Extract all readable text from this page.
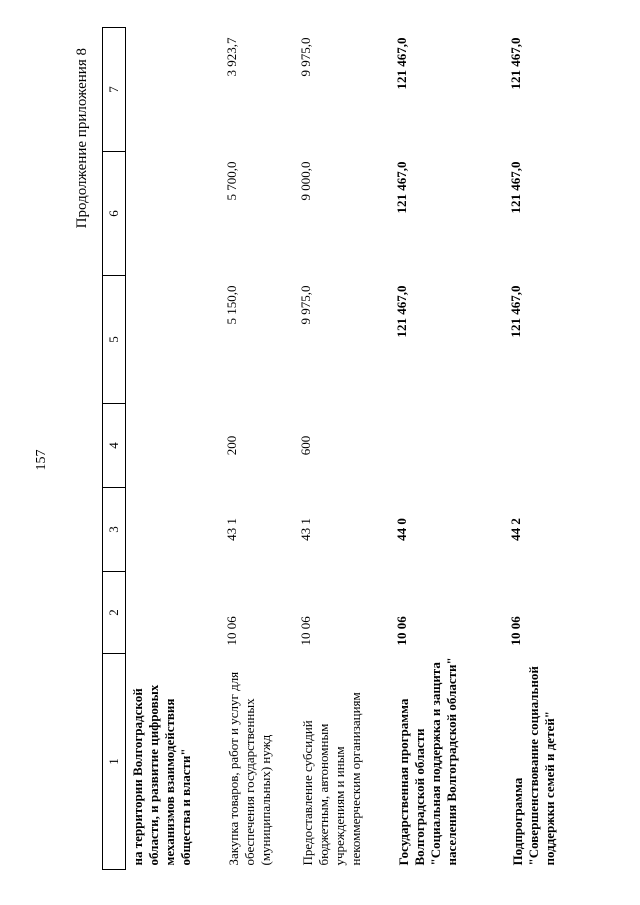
157
Продолжение приложения 8
1	2	3	4	5	6	7
на территории Волгоградской области, и развитие цифровых механизмов взаимодействия общества и власти"						
Закупка товаров, работ и услуг для обеспечения государственных (муниципальных) нужд	10 06	43 1	200	5 150,0	5 700,0	3 923,7
Предоставление субсидий бюджетным, автономным учреждениям и иным некоммерческим организациям	10 06	43 1	600	9 975,0	9 000,0	9 975,0
Государственная программа Волгоградской области "Социальная поддержка и защита населения Волгоградской области"	10 06	44 0		121 467,0	121 467,0	121 467,0
Подпрограмма "Совершенствование социальной поддержки семей и детей"	10 06	44 2		121 467,0	121 467,0	121 467,0
